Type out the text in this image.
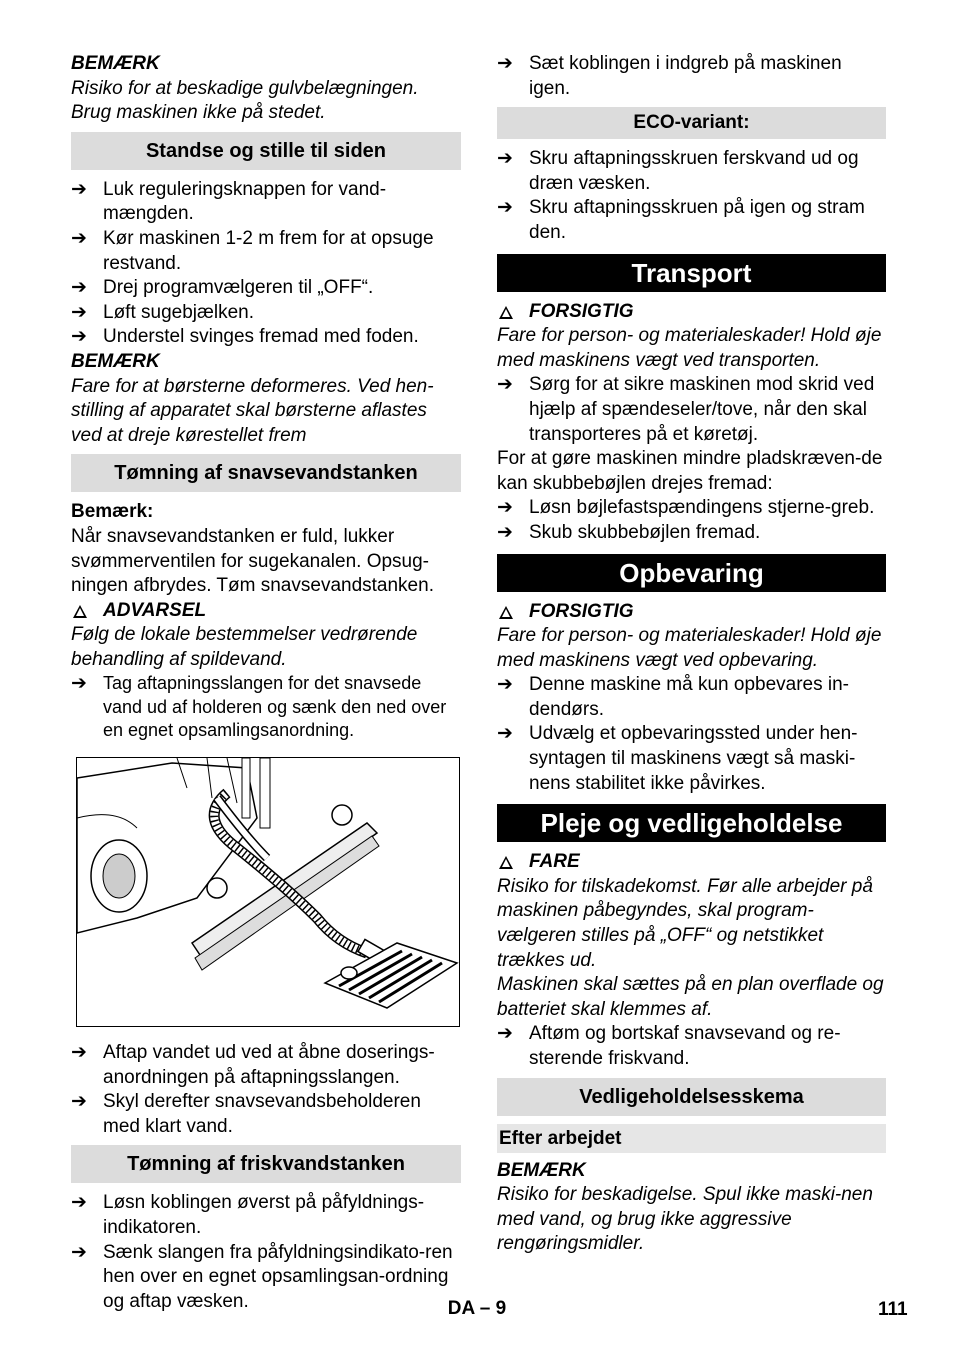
BEMÆRK

Risiko for at beskadige gulvbelægningen.

Brug maskinen ikke på stedet.

Standse og stille til siden
➔ Luk reguleringsknappen for vand-mængden.
➔ Kør maskinen 1-2 m frem for at opsuge restvand.
➔ Drej programvælgeren til „OFF“.
➔ Løft sugebjælken.
➔ Understel svinges fremad med foden.

BEMÆRK

Fare for at børsterne deformeres. Ved hen-stilling af apparatet skal børsterne aflastes ved at dreje kørestellet frem

Tømning af snavsevandstanken

Bemærk:

Når snavsevandstanken er fuld, lukker svømmerventilen for sugekanalen. Opsug-ningen afbrydes. Tøm snavsevandstanken.

ADVARSEL

Følg de lokale bestemmelser vedrørende behandling af spildevand.

➔ Tag aftapningsslangen for det snavsede vand ud af holderen og sænk den ned over en egnet opsamlingsanordning.
➔ Aftap vandet ud ved at åbne doserings-anordningen på aftapningsslangen.
➔ Skyl derefter snavsevandsbeholderen med klart vand.
Tømning af friskvandstanken
➔ Løsn koblingen øverst på påfyldnings-indikatoren.
➔ Sænk slangen fra påfyldningsindikato-ren hen over en egnet opsamlingsan-ordning og aftap væsken.
➔ Sæt koblingen i indgreb på maskinen igen.
ECO-variant:
➔ Skru aftapningsskruen ferskvand ud og dræn væsken.
➔ Skru aftapningsskruen på igen og stram den.
Transport

FORSIGTIG

Fare for person- og materialeskader! Hold øje med maskinens vægt ved transporten.

➔ Sørg for at sikre maskinen mod skrid ved hjælp af spændeseler/tove, når den skal transporteres på et køretøj.

For at gøre maskinen mindre pladskræven-de kan skubbebøjlen drejes fremad:

➔ Løsn bøjlefastspændingens stjerne-greb.
➔ Skub skubbebøjlen fremad.
Opbevaring

FORSIGTIG

Fare for person- og materialeskader! Hold øje med maskinens vægt ved opbevaring.

➔ Denne maskine må kun opbevares in-dendørs.
➔ Udvælg et opbevaringssted under hen-syntagen til maskinens vægt så maski-nens stabilitet ikke påvirkes.
Pleje og vedligeholdelse

FARE

Risiko for tilskadekomst. Før alle arbejder på maskinen påbegyndes, skal program-vælgeren stilles på „OFF“ og netstikket trækkes ud.

Maskinen skal sættes på en plan overflade og batteriet skal klemmes af.

➔ Aftøm og bortskaf snavsevand og re-sterende friskvand.
Vedligeholdelsesskema
Efter arbejdet

BEMÆRK

Risiko for beskadigelse. Spul ikke maski-nen med vand, og brug ikke aggressive rengøringsmidler.

DA – 9	111
